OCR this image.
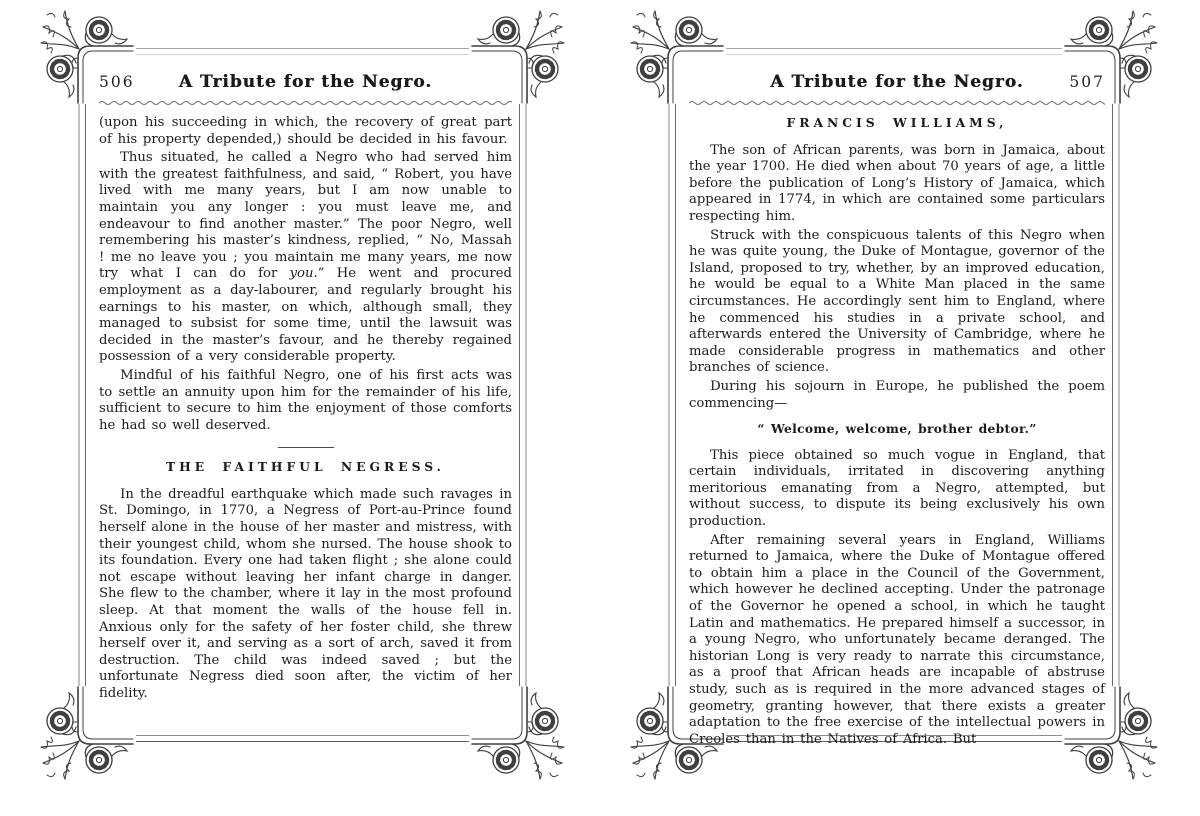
506	A Tribute for the Negro.

(upon his succeeding in which, the recovery of great part of his property depended,) should be decided in his favour.

Thus situated, he called a Negro who had served him with the greatest faithfulness, and said, “ Robert, you have lived with me many years, but I am now unable to maintain you any longer : you must leave me, and endeavour to find another master.” The poor Negro, well remembering his master’s kindness, replied, “ No, Massah ! me no leave you ; you maintain me many years, me now try what I can do for you.” He went and procured employment as a day-labourer, and regularly brought his earnings to his master, on which, although small, they managed to subsist for some time, until the lawsuit was decided in the master’s favour, and he thereby regained possession of a very considerable property.

Mindful of his faithful Negro, one of his first acts was to settle an annuity upon him for the remainder of his life, sufficient to secure to him the enjoyment of those comforts he had so well deserved.

THE FAITHFUL NEGRESS.

In the dreadful earthquake which made such ravages in St. Domingo, in 1770, a Negress of Port-au-Prince found herself alone in the house of her master and mistress, with their youngest child, whom she nursed. The house shook to its foundation. Every one had taken flight ; she alone could not escape without leaving her infant charge in danger. She flew to the chamber, where it lay in the most profound sleep. At that moment the walls of the house fell in. Anxious only for the safety of her foster child, she threw herself over it, and serving as a sort of arch, saved it from destruction. The child was indeed saved ; but the unfortunate Negress died soon after, the victim of her fidelity.

A Tribute for the Negro.	507
FRANCIS WILLIAMS,

The son of African parents, was born in Jamaica, about the year 1700. He died when about 70 years of age, a little before the publication of Long’s History of Jamaica, which appeared in 1774, in which are contained some particulars respecting him.

Struck with the conspicuous talents of this Negro when he was quite young, the Duke of Montague, governor of the Island, proposed to try, whether, by an improved education, he would be equal to a White Man placed in the same circumstances. He accordingly sent him to England, where he commenced his studies in a private school, and afterwards entered the University of Cambridge, where he made considerable progress in mathematics and other branches of science.

During his sojourn in Europe, he published the poem commencing—

“ Welcome, welcome, brother debtor.”

This piece obtained so much vogue in England, that certain individuals, irritated in discovering anything meritorious emanating from a Negro, attempted, but without success, to dispute its being exclusively his own production.

After remaining several years in England, Williams returned to Jamaica, where the Duke of Montague offered to obtain him a place in the Council of the Government, which however he declined accepting. Under the patronage of the Governor he opened a school, in which he taught Latin and mathematics. He prepared himself a successor, in a young Negro, who unfortunately became deranged. The historian Long is very ready to narrate this circumstance, as a proof that African heads are incapable of abstruse study, such as is required in the more advanced stages of geometry, granting however, that there exists a greater adaptation to the free exercise of the intellectual powers in Creoles than in the Natives of Africa. But
